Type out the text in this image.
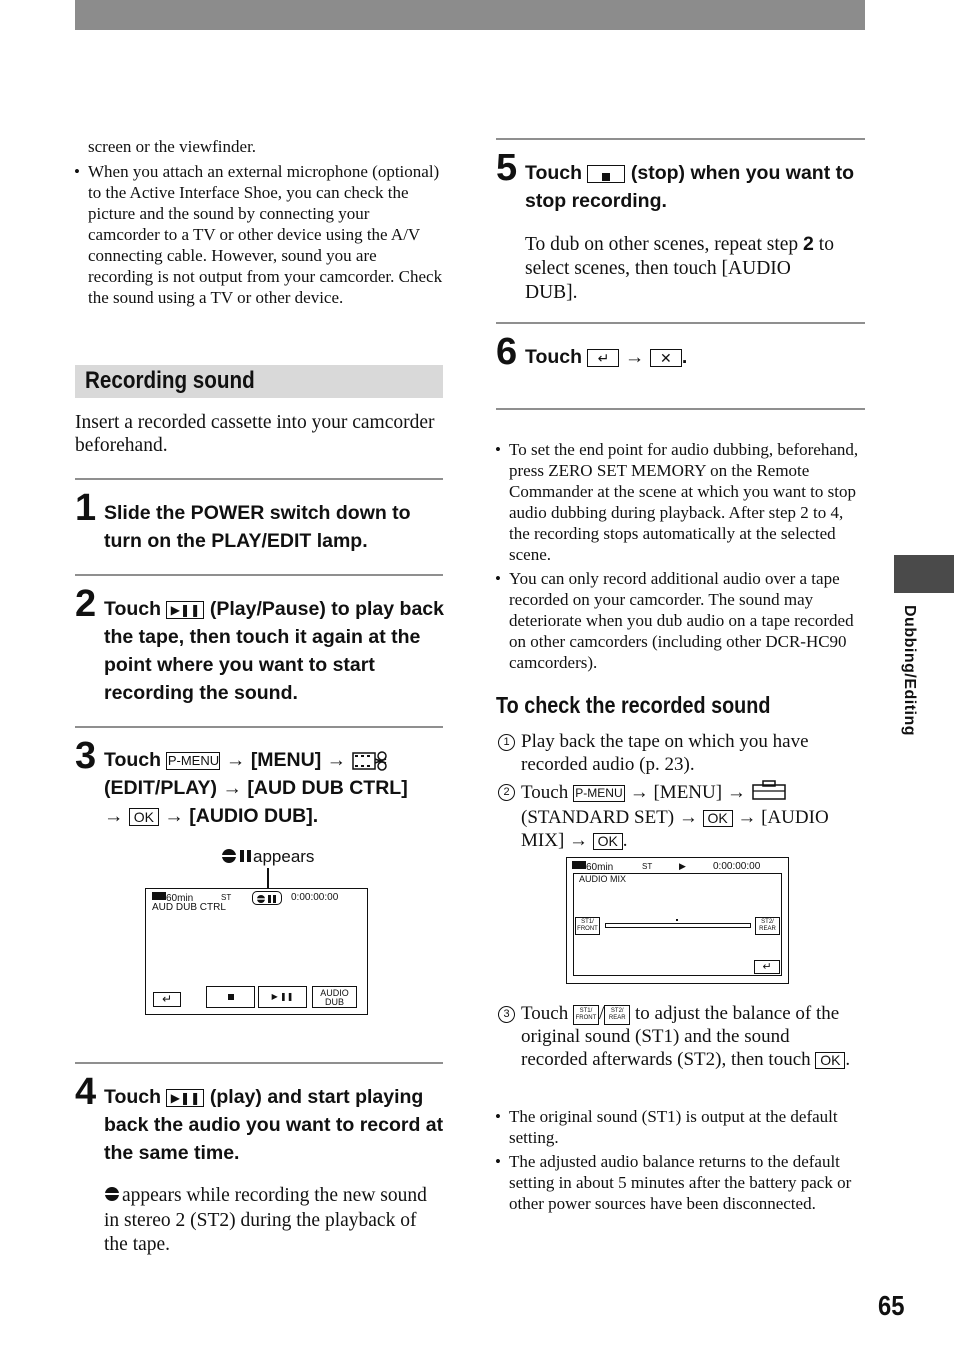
screen or the viewfinder.
• When you attach an external microphone (optional) to the Active Interface Shoe, you can check the picture and the sound by connecting your camcorder to a TV or other device using the A/V connecting cable. However, sound you are recording is not output from your camcorder. Check the sound using a TV or other device.
Recording sound
Insert a recorded cassette into your camcorder beforehand.
1 Slide the POWER switch down to turn on the PLAY/EDIT lamp.
2 Touch ▶❚❚ (Play/Pause) to play back the tape, then touch it again at the point where you want to start recording the sound.
3 Touch P-MENU → [MENU] →
(EDIT/PLAY) → [AUD DUB CTRL]
→ OK → [AUDIO DUB].
appears
60min	ST	0:00:00:00
AUD DUB CTRL
↵	▶ ❚❚	AUDIO DUB
4 Touch ▶❚❚ (play) and start playing back the audio you want to record at the same time.
appears while recording the new sound in stereo 2 (ST2) during the playback of the tape.
5 Touch	(stop) when you want to stop recording.
To dub on other scenes, repeat step 2 to select scenes, then touch [AUDIO DUB].
6 Touch ↵ → ✕ .
• To set the end point for audio dubbing, beforehand, press ZERO SET MEMORY on the Remote Commander at the scene at which you want to stop audio dubbing during playback. After step 2 to 4, the recording stops automatically at the selected scene.
• You can only record additional audio over a tape recorded on your camcorder. The sound may deteriorate when you dub audio on a tape recorded on other camcorders (including other DCR-HC90 camcorders).
To check the recorded sound
1 Play back the tape on which you have recorded audio (p. 23).
2 Touch P-MENU → [MENU] →
(STANDARD SET) → OK → [AUDIO MIX] → OK .
60min	ST	▶	0:00:00:00
AUDIO MIX
ST1/ FRONT
ST2/ REAR
↵
3 Touch ST1/ FRONT / ST2/ REAR to adjust the balance of the original sound (ST1) and the sound recorded afterwards (ST2), then touch OK .
• The original sound (ST1) is output at the default setting.
• The adjusted audio balance returns to the default setting in about 5 minutes after the battery pack or other power sources have been disconnected.
Dubbing/Editing
65
